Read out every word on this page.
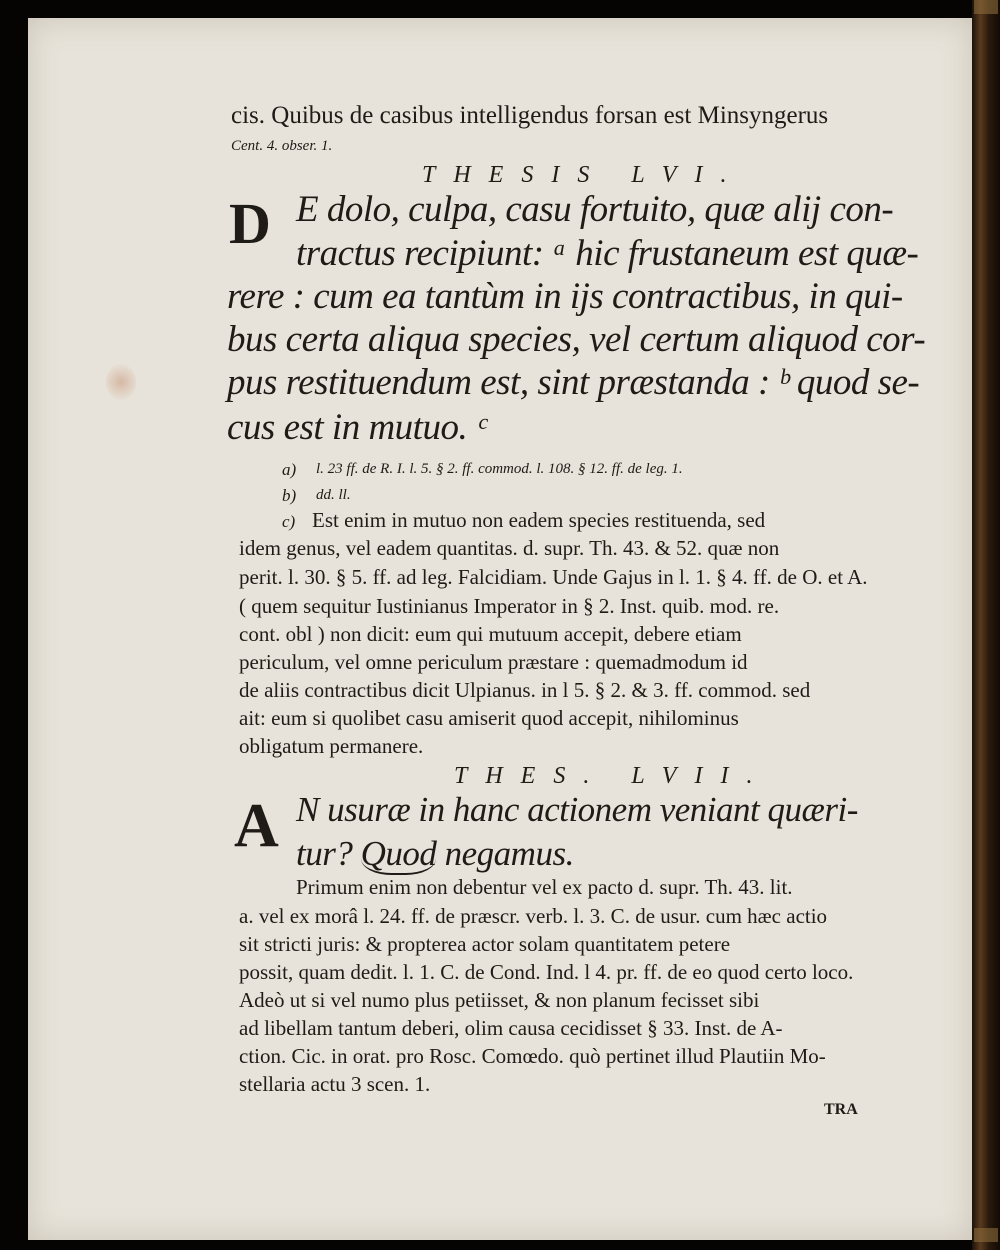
cis. Quibus de casibus intelligendus forsan est Minsyngerus
Cent. 4. obser. 1.
THESIS LVI.
D E dolo, culpa, casu fortuito, quæ alij con-
tractus recipiunt: ᵃ hic frustaneum est quæ-
rere : cum ea tantùm in ijs contractibus, in qui-
bus certa aliqua species, vel certum aliquod cor-
pus restituendum est, sint præstanda : ᵇ quod se-
cus est in mutuo. ᶜ
a) l. 23 ff. de R. I. l. 5. § 2. ff. commod. l. 108. § 12. ff. de leg. 1.
b) dd. ll.
c) Est enim in mutuo non eadem species restituenda, sed
idem genus, vel eadem quantitas. d. supr. Th. 43. & 52. quæ non
perit. l. 30. § 5. ff. ad leg. Falcidiam. Unde Gajus in l. 1. § 4. ff. de O. et A.
( quem sequitur Iustinianus Imperator in § 2. Inst. quib. mod. re.
cont. obl ) non dicit: eum qui mutuum accepit, debere etiam
periculum, vel omne periculum præstare : quemadmodum id
de aliis contractibus dicit Ulpianus. in l 5. § 2. & 3. ff. commod. sed
ait: eum si quolibet casu amiserit quod accepit, nihilominus
obligatum permanere.
THES. LVII.
A N usuræ in hanc actionem veniant quæri-
tur? Quod negamus.
Primum enim non debentur vel ex pacto d. supr. Th. 43. lit.
a. vel ex morâ l. 24. ff. de præscr. verb. l. 3. C. de usur. cum hæc actio
sit stricti juris: & propterea actor solam quantitatem petere
possit, quam dedit. l. 1. C. de Cond. Ind. l 4. pr. ff. de eo quod certo loco.
Adeò ut si vel numo plus petiisset, & non planum fecisset sibi
ad libellam tantum deberi, olim causa cecidisset § 33. Inst. de A-
ction. Cic. in orat. pro Rosc. Comœdo. quò pertinet illud Plautiin Mo-
stellaria actu 3 scen. 1.
TRA
